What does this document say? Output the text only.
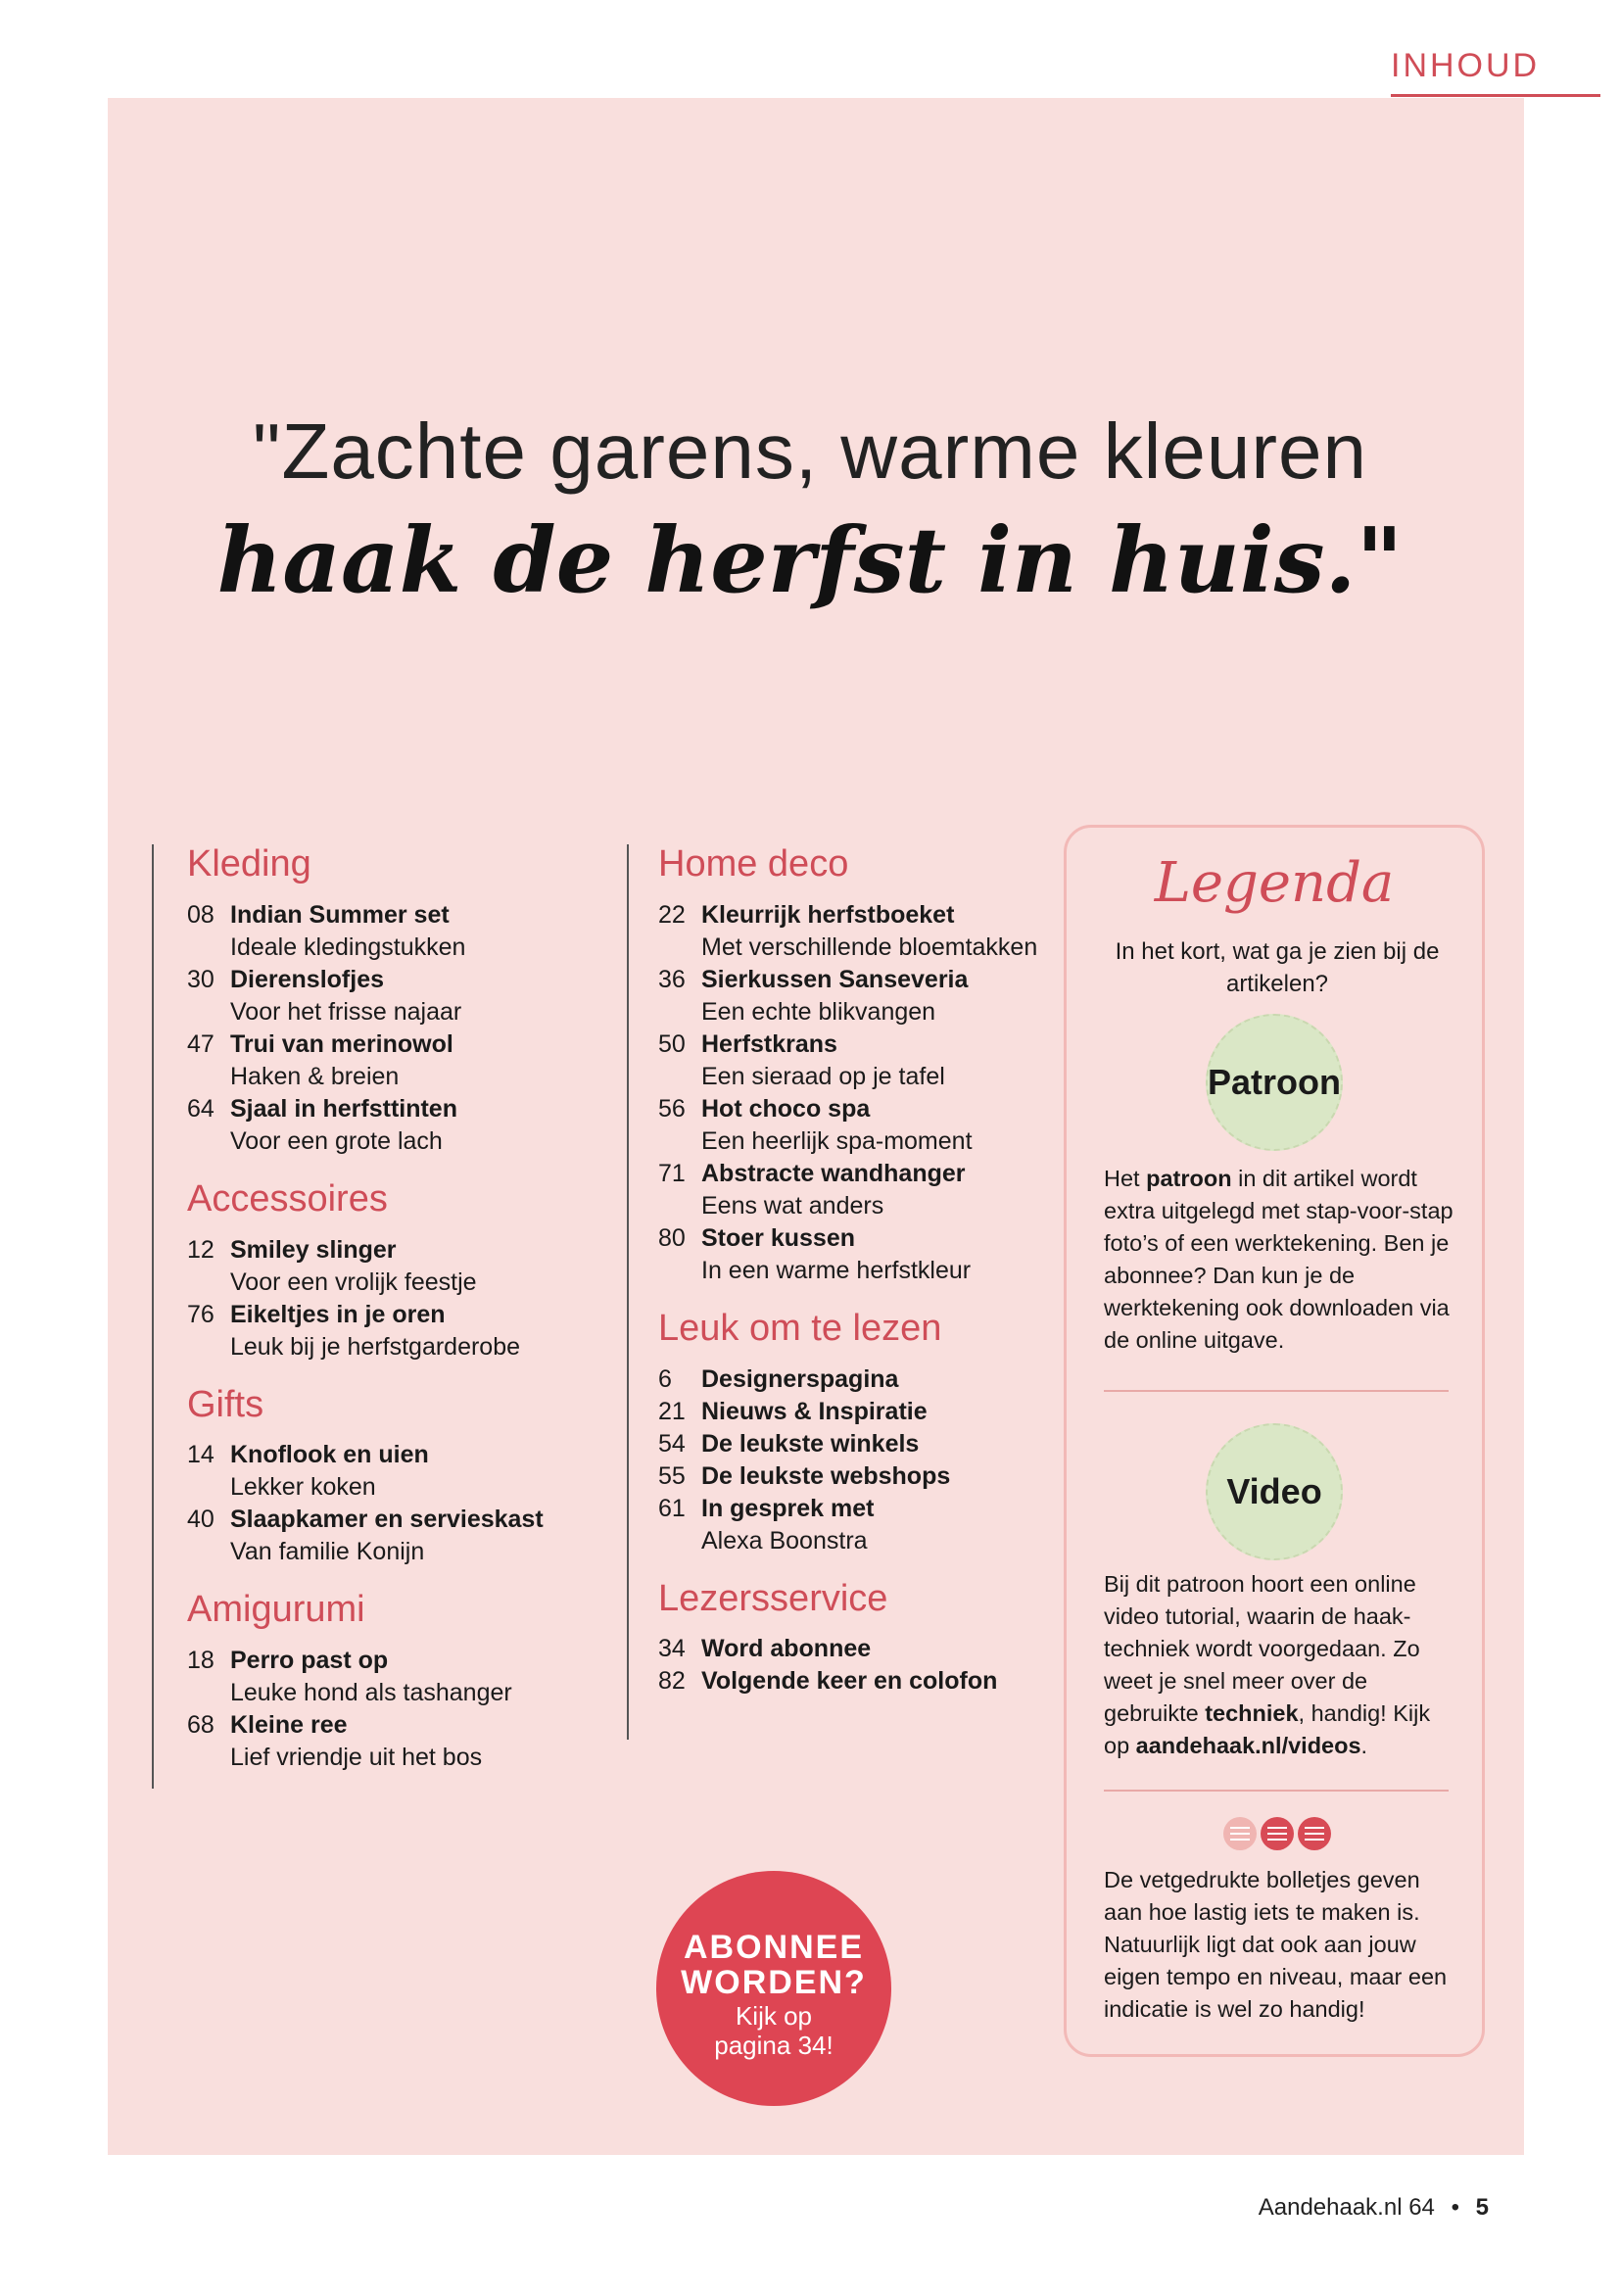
INHOUD
"Zachte garens, warme kleuren
haak de herfst in huis."
Kleding
08 Indian Summer set
Ideale kledingstukken
30 Dierenslofjes
Voor het frisse najaar
47 Trui van merinowol
Haken & breien
64 Sjaal in herfsttinten
Voor een grote lach
Accessoires
12 Smiley slinger
Voor een vrolijk feestje
76 Eikeltjes in je oren
Leuk bij je herfstgarderobe
Gifts
14 Knoflook en uien
Lekker koken
40 Slaapkamer en servieskast
Van familie Konijn
Amigurumi
18 Perro past op
Leuke hond als tashanger
68 Kleine ree
Lief vriendje uit het bos
Home deco
22 Kleurrijk herfstboeket
Met verschillende bloemtakken
36 Sierkussen Sanseveria
Een echte blikvangen
50 Herfstkrans
Een sieraad op je tafel
56 Hot choco spa
Een heerlijk spa-moment
71 Abstracte wandhanger
Eens wat anders
80 Stoer kussen
In een warme herfstkleur
Leuk om te lezen
6	Designerspagina
21 Nieuws & Inspiratie
54 De leukste winkels
55 De leukste webshops
61 In gesprek met
Alexa Boonstra
Lezersservice
34 Word abonnee
82 Volgende keer en colofon
Legenda
In het kort, wat ga je zien bij de artikelen?
Patroon
Het patroon in dit artikel wordt extra uitgelegd met stap-voor-stap foto’s of een werktekening. Ben je abonnee? Dan kun je de werktekening ook downloaden via de online uitgave.
Video
Bij dit patroon hoort een online video tutorial, waarin de haak-techniek wordt voorgedaan. Zo weet je snel meer over de gebruikte techniek, handig! Kijk op aandehaak.nl/videos.
De vetgedrukte bolletjes geven aan hoe lastig iets te maken is. Natuurlijk ligt dat ook aan jouw eigen tempo en niveau, maar een indicatie is wel zo handig!
ABONNEE
WORDEN?
Kijk op
pagina 34!
Aandehaak.nl 64 • 5
